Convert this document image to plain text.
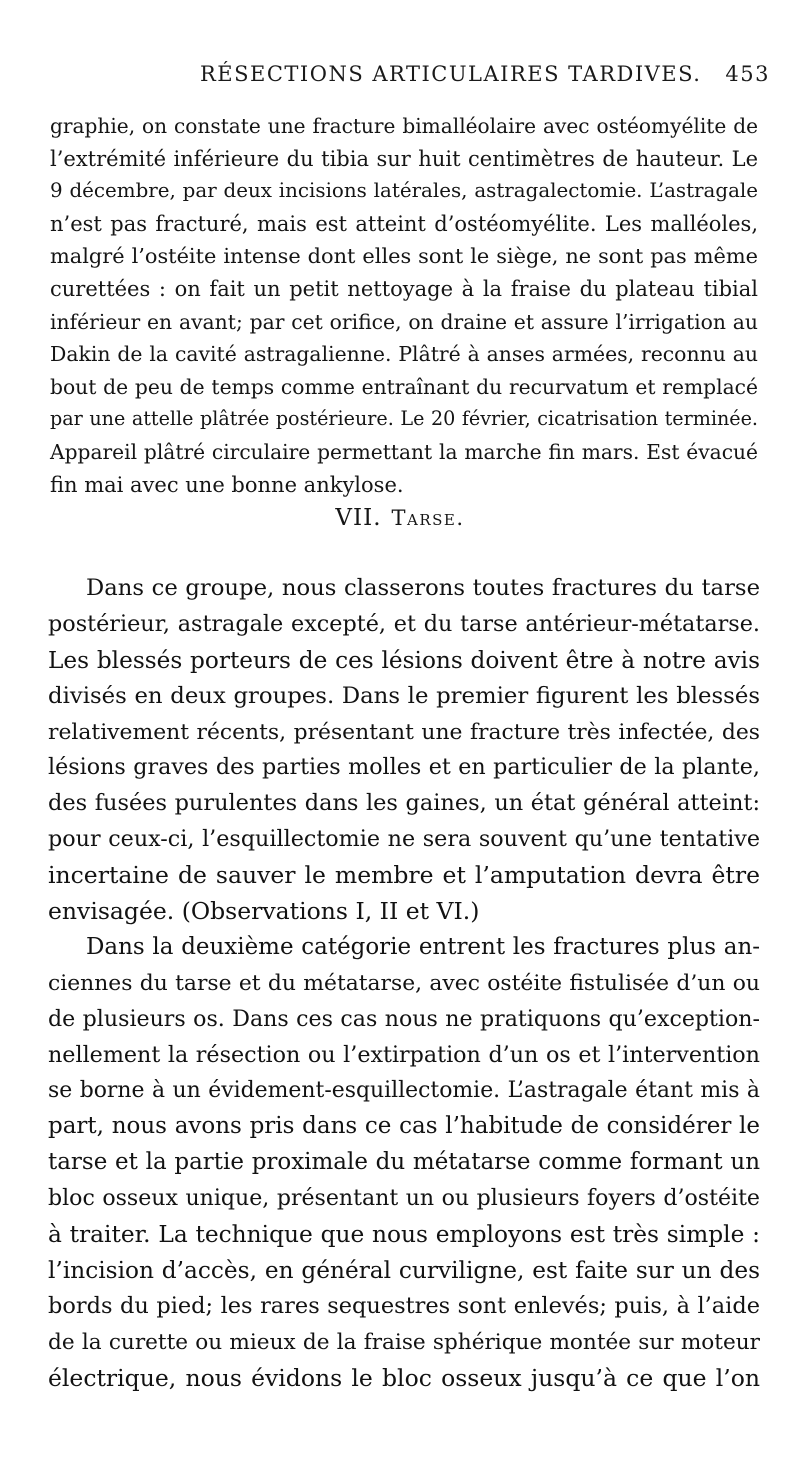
RÉSECTIONS ARTICULAIRES TARDIVES. 453
graphie, on constate une fracture bimalléolaire avec ostéomyélite de
l’extrémité inférieure du tibia sur huit centimètres de hauteur. Le
9 décembre, par deux incisions latérales, astragalectomie. L’astragale
n’est pas fracturé, mais est atteint d’ostéomyélite. Les malléoles,
malgré l’ostéite intense dont elles sont le siège, ne sont pas même
curettées : on fait un petit nettoyage à la fraise du plateau tibial
inférieur en avant; par cet orifice, on draine et assure l’irrigation au
Dakin de la cavité astragalienne. Plâtré à anses armées, reconnu au
bout de peu de temps comme entraînant du recurvatum et remplacé
par une attelle plâtrée postérieure. Le 20 février, cicatrisation terminée.
Appareil plâtré circulaire permettant la marche fin mars. Est évacué
fin mai avec une bonne ankylose.
VII. Tarse.
Dans ce groupe, nous classerons toutes fractures du tarse
postérieur, astragale excepté, et du tarse antérieur-métatarse.
Les blessés porteurs de ces lésions doivent être à notre avis
divisés en deux groupes. Dans le premier figurent les blessés
relativement récents, présentant une fracture très infectée, des
lésions graves des parties molles et en particulier de la plante,
des fusées purulentes dans les gaines, un état général atteint:
pour ceux-ci, l’esquillectomie ne sera souvent qu’une tentative
incertaine de sauver le membre et l’amputation devra être
envisagée. (Observations I, II et VI.)
Dans la deuxième catégorie entrent les fractures plus an-
ciennes du tarse et du métatarse, avec ostéite fistulisée d’un ou
de plusieurs os. Dans ces cas nous ne pratiquons qu’exception-
nellement la résection ou l’extirpation d’un os et l’intervention
se borne à un évidement-esquillectomie. L’astragale étant mis à
part, nous avons pris dans ce cas l’habitude de considérer le
tarse et la partie proximale du métatarse comme formant un
bloc osseux unique, présentant un ou plusieurs foyers d’ostéite
à traiter. La technique que nous employons est très simple :
l’incision d’accès, en général curviligne, est faite sur un des
bords du pied; les rares sequestres sont enlevés; puis, à l’aide
de la curette ou mieux de la fraise sphérique montée sur moteur
électrique, nous évidons le bloc osseux jusqu’à ce que l’on
